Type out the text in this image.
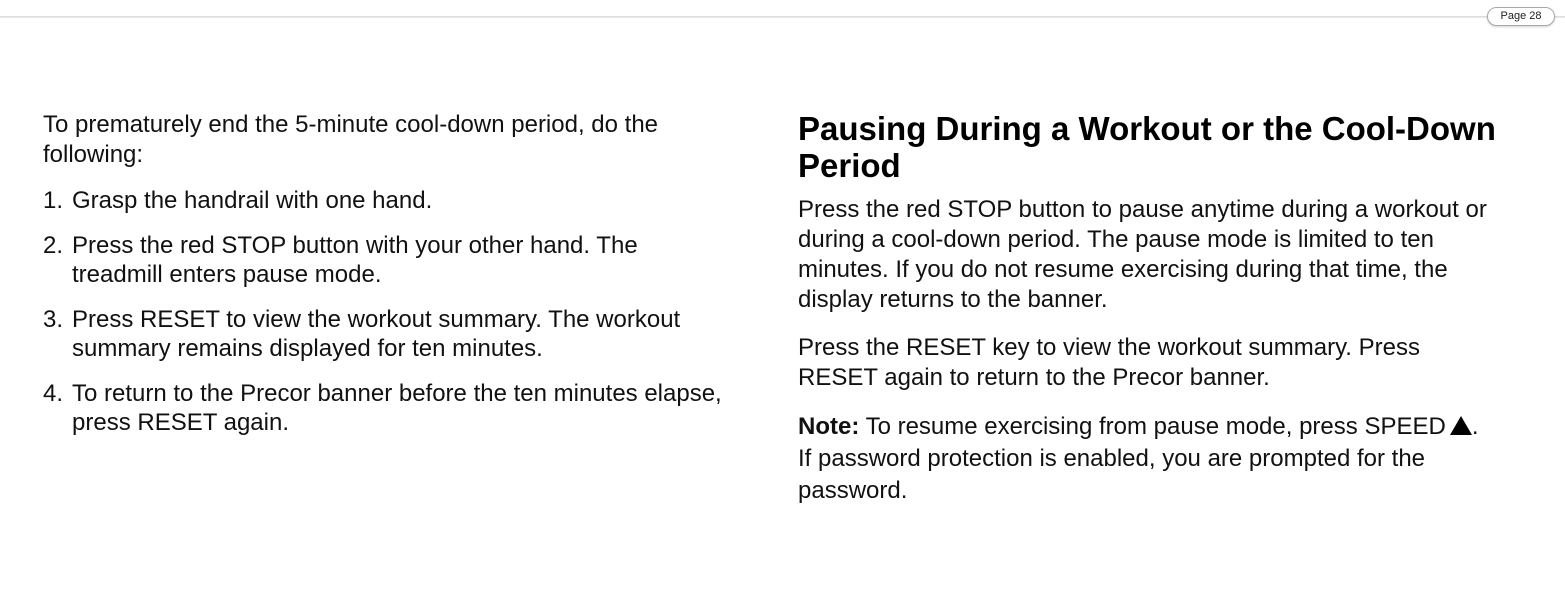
Page 28

To prematurely end the 5-minute cool-down period, do the following:

1. Grasp the handrail with one hand.
2. Press the red STOP button with your other hand. The treadmill enters pause mode.
3. Press RESET to view the workout summary. The workout summary remains displayed for ten minutes.
4. To return to the Precor banner before the ten minutes elapse, press RESET again.
Pausing During a Workout or the Cool-Down Period

Press the red STOP button to pause anytime during a workout or during a cool-down period. The pause mode is limited to ten minutes. If you do not resume exercising during that time, the display returns to the banner.

Press the RESET key to view the workout summary. Press RESET again to return to the Precor banner.

Note: To resume exercising from pause mode, press SPEED . If password protection is enabled, you are prompted for the password.
